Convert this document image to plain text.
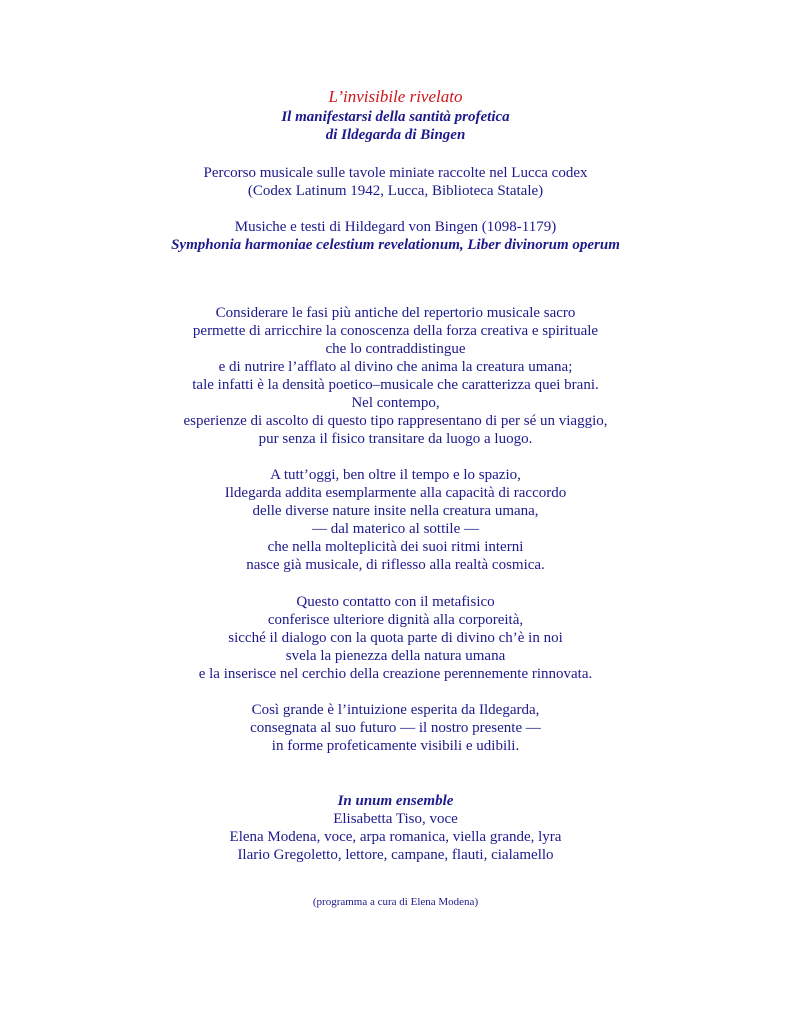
L’invisibile rivelato
Il manifestarsi della santità profetica
di Ildegarda di Bingen
Percorso musicale sulle tavole miniate raccolte nel Lucca codex
(Codex Latinum 1942, Lucca, Biblioteca Statale)
Musiche e testi di Hildegard von Bingen (1098-1179)
Symphonia harmoniae celestium revelationum, Liber divinorum operum
Considerare le fasi più antiche del repertorio musicale sacro
permette di arricchire la conoscenza della forza creativa e spirituale
che lo contraddistingue
e di nutrire l’afflato al divino che anima la creatura umana;
tale infatti è la densità poetico–musicale che caratterizza quei brani.
Nel contempo,
esperienze di ascolto di questo tipo rappresentano di per sé un viaggio,
pur senza il fisico transitare da luogo a luogo.
A tutt’oggi, ben oltre il tempo e lo spazio,
Ildegarda addita esemplarmente alla capacità di raccordo
delle diverse nature insite nella creatura umana,
— dal materico al sottile —
che nella molteplicità dei suoi ritmi interni
nasce già musicale, di riflesso alla realtà cosmica.
Questo contatto con il metafisico
conferisce ulteriore dignità alla corporeità,
sicché il dialogo con la quota parte di divino ch’è in noi
svela la pienezza della natura umana
e la inserisce nel cerchio della creazione perennemente rinnovata.
Così grande è l’intuizione esperita da Ildegarda,
consegnata al suo futuro — il nostro presente —
in forme profeticamente visibili e udibili.
In unum ensemble
Elisabetta Tiso, voce
Elena Modena, voce, arpa romanica, viella grande, lyra
Ilario Gregoletto, lettore, campane, flauti, cialamello
(programma a cura di Elena Modena)
